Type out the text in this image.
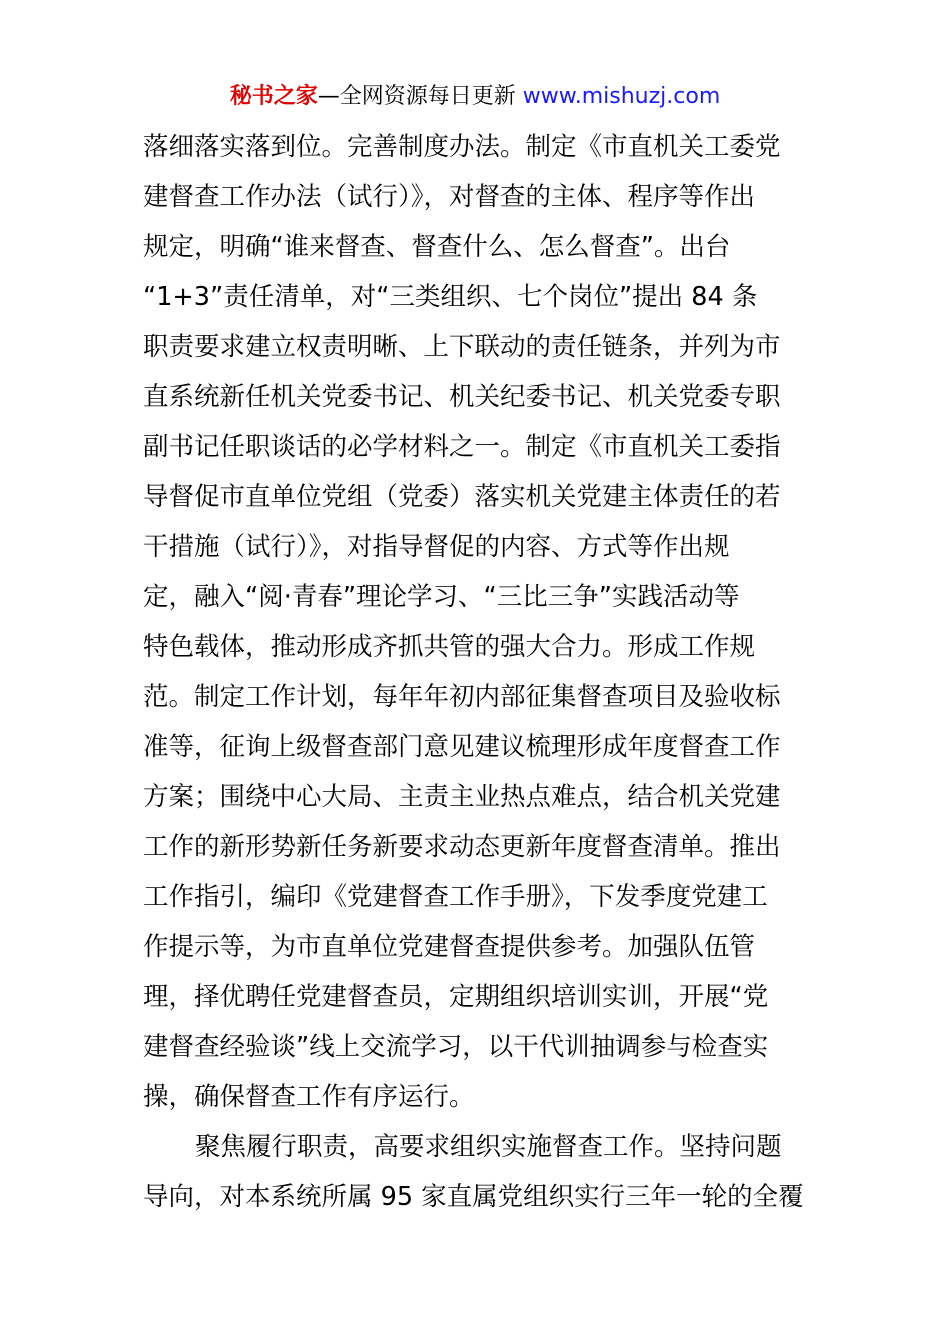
秘书之家—全网资源每日更新 www.mishuzj.com
落细落实落到位。完善制度办法。制定《市直机关工委党
建督查工作办法（试行）》，对督查的主体、程序等作出
规定，明确“谁来督查、督查什么、怎么督查”。出台
“1+3”责任清单，对“三类组织、七个岗位”提出 84 条
职责要求建立权责明晰、上下联动的责任链条，并列为市
直系统新任机关党委书记、机关纪委书记、机关党委专职
副书记任职谈话的必学材料之一。制定《市直机关工委指
导督促市直单位党组（党委）落实机关党建主体责任的若
干措施（试行）》，对指导督促的内容、方式等作出规
定，融入“阅·青春”理论学习、“三比三争”实践活动等
特色载体，推动形成齐抓共管的强大合力。形成工作规
范。制定工作计划，每年年初内部征集督查项目及验收标
准等，征询上级督查部门意见建议梳理形成年度督查工作
方案；围绕中心大局、主责主业热点难点，结合机关党建
工作的新形势新任务新要求动态更新年度督查清单。推出
工作指引，编印《党建督查工作手册》，下发季度党建工
作提示等，为市直单位党建督查提供参考。加强队伍管
理，择优聘任党建督查员，定期组织培训实训，开展“党
建督查经验谈”线上交流学习，以干代训抽调参与检查实
操，确保督查工作有序运行。
聚焦履行职责，高要求组织实施督查工作。坚持问题
导向，对本系统所属 95 家直属党组织实行三年一轮的全覆
